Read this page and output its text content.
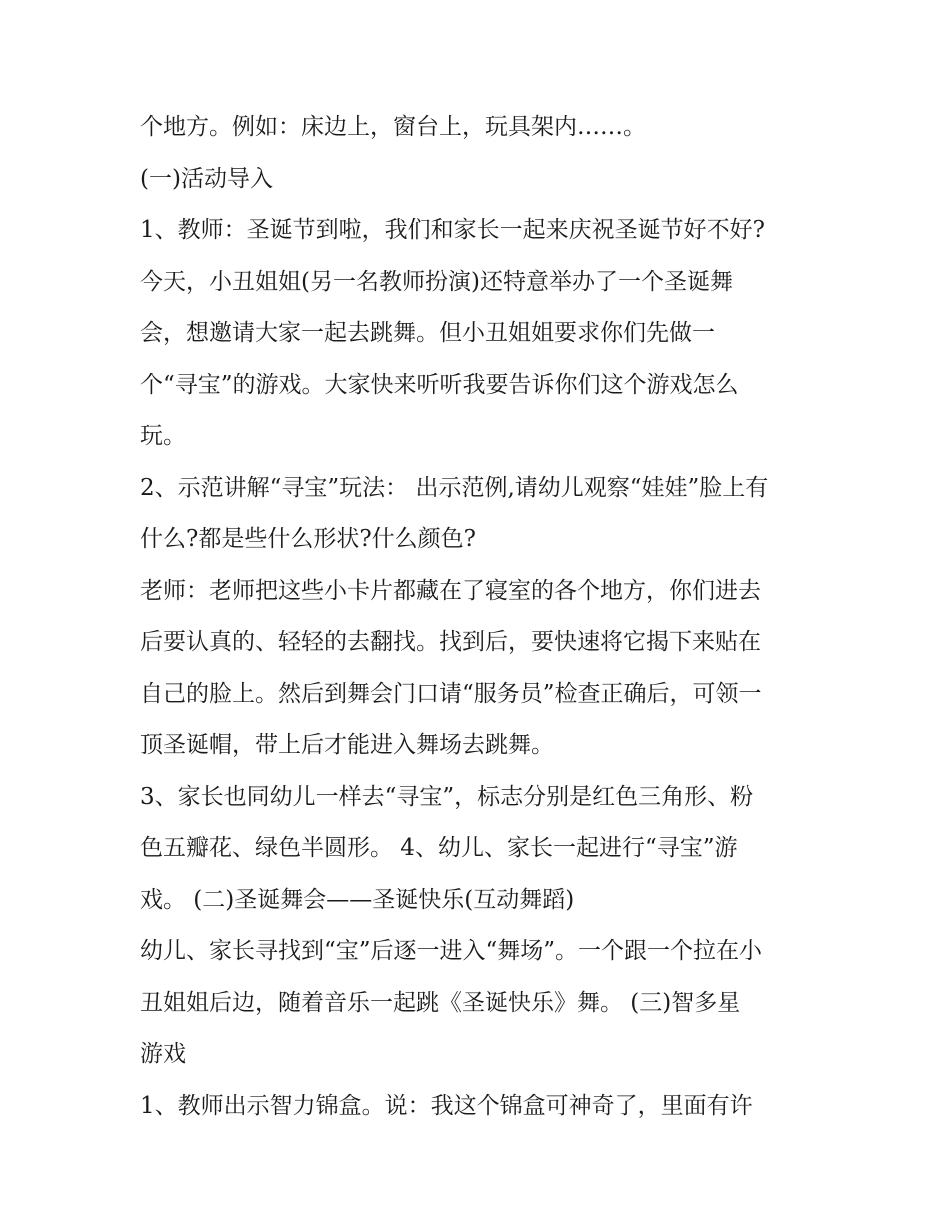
个地方。例如：床边上，窗台上，玩具架内……。

(一)活动导入

1、教师：圣诞节到啦，我们和家长一起来庆祝圣诞节好不好?

今天，小丑姐姐(另一名教师扮演)还特意举办了一个圣诞舞

会，想邀请大家一起去跳舞。但小丑姐姐要求你们先做一

个“寻宝”的游戏。大家快来听听我要告诉你们这个游戏怎么

玩。

2、示范讲解“寻宝”玩法： 出示范例,请幼儿观察“娃娃”脸上有

什么?都是些什么形状?什么颜色?

老师：老师把这些小卡片都藏在了寝室的各个地方，你们进去

后要认真的、轻轻的去翻找。找到后，要快速将它揭下来贴在

自己的脸上。然后到舞会门口请“服务员”检查正确后，可领一

顶圣诞帽，带上后才能进入舞场去跳舞。

3、家长也同幼儿一样去“寻宝”，标志分别是红色三角形、粉

色五瓣花、绿色半圆形。 4、幼儿、家长一起进行“寻宝”游

戏。 (二)圣诞舞会——圣诞快乐(互动舞蹈)

幼儿、家长寻找到“宝”后逐一进入“舞场”。一个跟一个拉在小

丑姐姐后边，随着音乐一起跳《圣诞快乐》舞。 (三)智多星

游戏

1、教师出示智力锦盒。说：我这个锦盒可神奇了，里面有许
